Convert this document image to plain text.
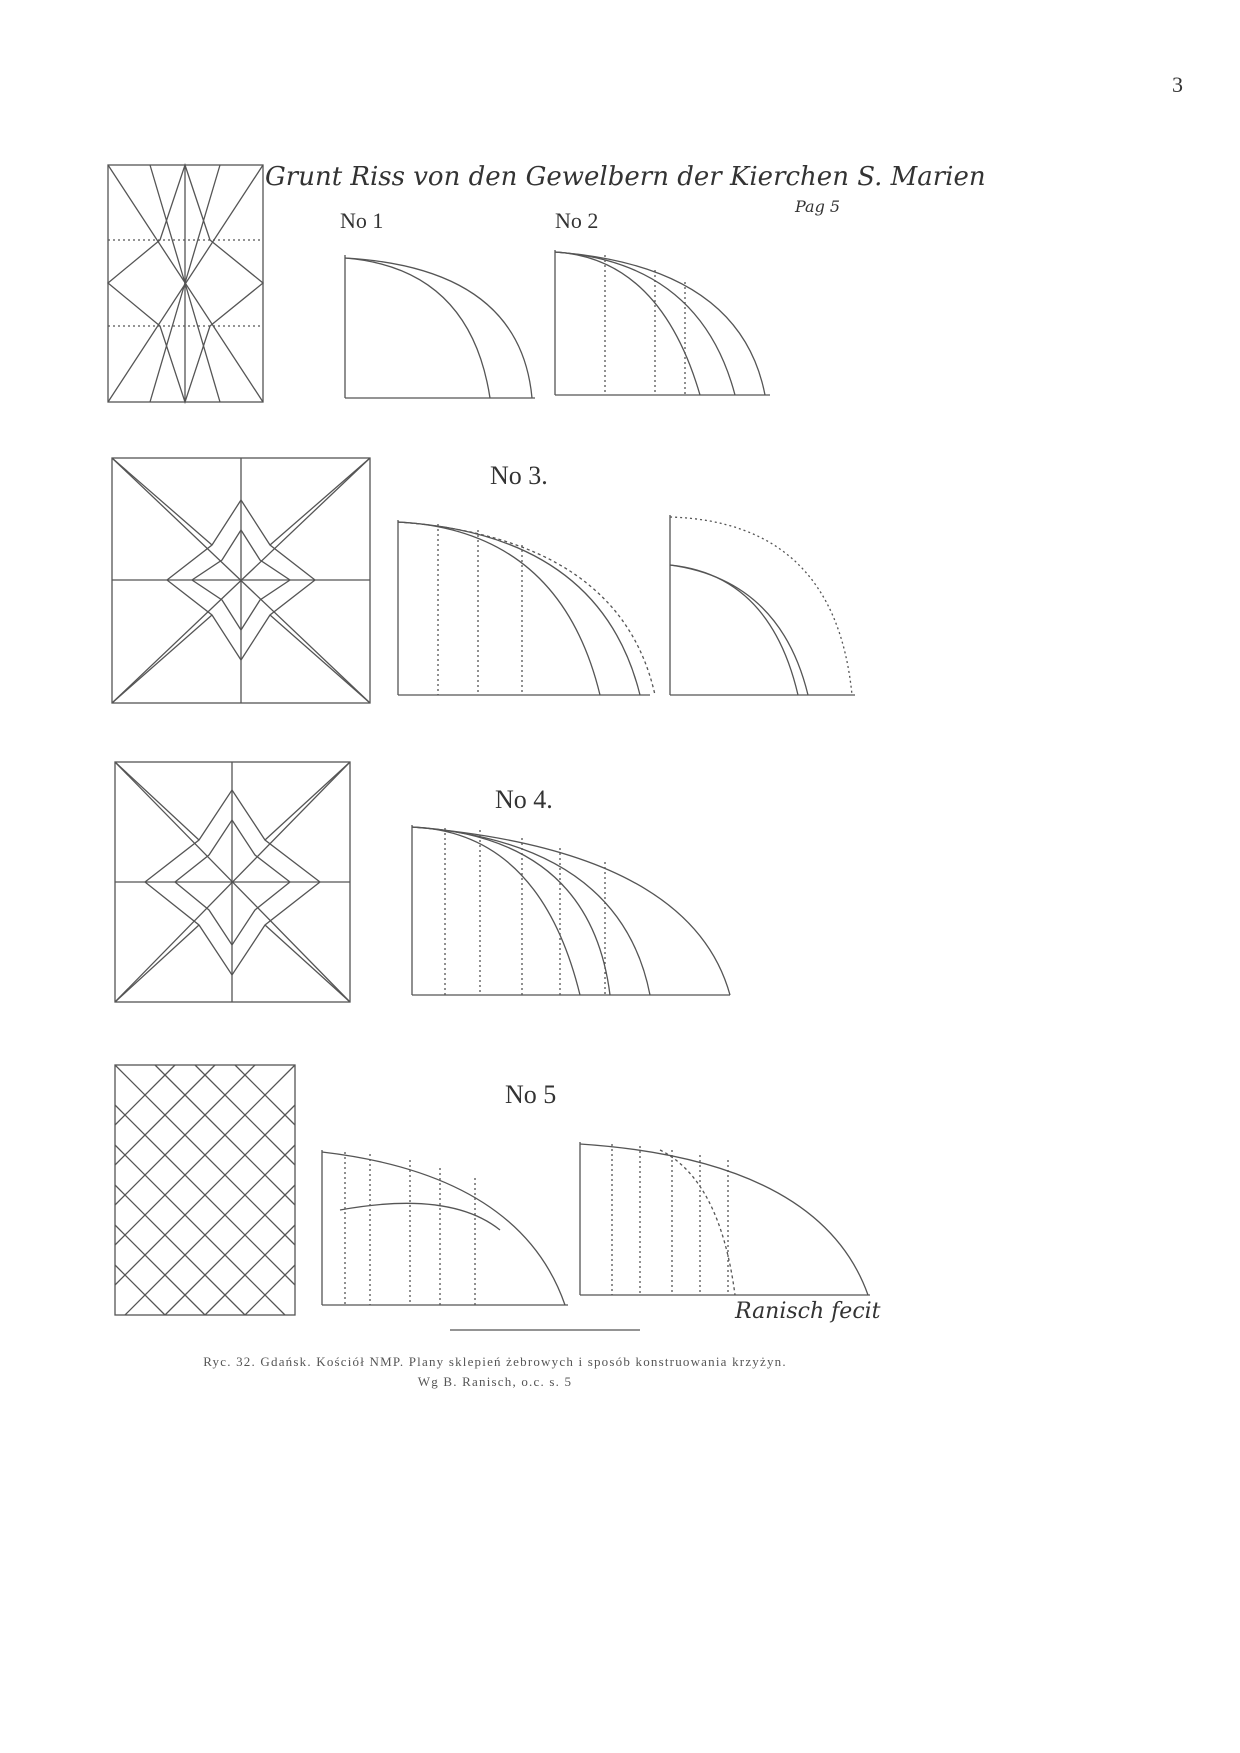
3
Grunt Riss von den Gewelbern der Kierchen S. Marien
Pag 5
No 1	No 2
No 3.
No 4.
No 5
Ranisch fecit
Ryc. 32. Gdańsk. Kościół NMP. Plany sklepień żebrowych i sposób konstruowania krzyżyn.
Wg B. Ranisch, o.c. s. 5
